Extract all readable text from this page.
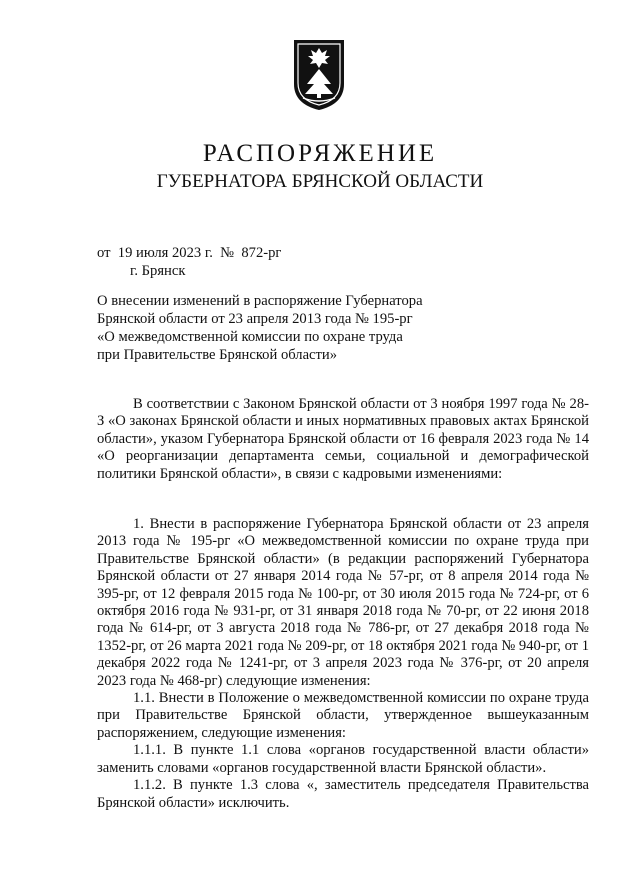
РАСПОРЯЖЕНИЕ
ГУБЕРНАТОРА БРЯНСКОЙ ОБЛАСТИ
от  19 июля 2023 г.  №  872-рг
г. Брянск
О внесении изменений в распоряжение Губернатора
Брянской области от 23 апреля 2013 года № 195-рг
«О межведомственной комиссии по охране труда
при Правительстве Брянской области»

В соответствии с Законом Брянской области от 3 ноября 1997 года № 28-З «О законах Брянской области и иных нормативных правовых актах Брянской области», указом Губернатора Брянской области от 16 февраля 2023 года № 14 «О реорганизации департамента семьи, социальной и демографической политики Брянской области», в связи с кадровыми изменениями:

1. Внести в распоряжение Губернатора Брянской области от 23 апреля 2013 года № 195-рг «О межведомственной комиссии по охране труда при Правительстве Брянской области» (в редакции распоряжений Губернатора Брянской области от 27 января 2014 года № 57-рг, от 8 апреля 2014 года № 395-рг, от 12 февраля 2015 года № 100-рг, от 30 июля 2015 года № 724-рг, от 6 октября 2016 года № 931-рг, от 31 января 2018 года № 70-рг, от 22 июня 2018 года № 614-рг, от 3 августа 2018 года № 786-рг, от 27 декабря 2018 года № 1352-рг, от 26 марта 2021 года № 209-рг, от 18 октября 2021 года № 940-рг, от 1 декабря 2022 года № 1241-рг, от 3 апреля 2023 года № 376-рг, от 20 апреля 2023 года № 468-рг) следующие изменения:

1.1. Внести в Положение о межведомственной комиссии по охране труда при Правительстве Брянской области, утвержденное вышеуказанным распоряжением, следующие изменения:

1.1.1. В пункте 1.1 слова «органов государственной власти области» заменить словами «органов государственной власти Брянской области».

1.1.2. В пункте 1.3 слова «, заместитель председателя Правительства Брянской области» исключить.
